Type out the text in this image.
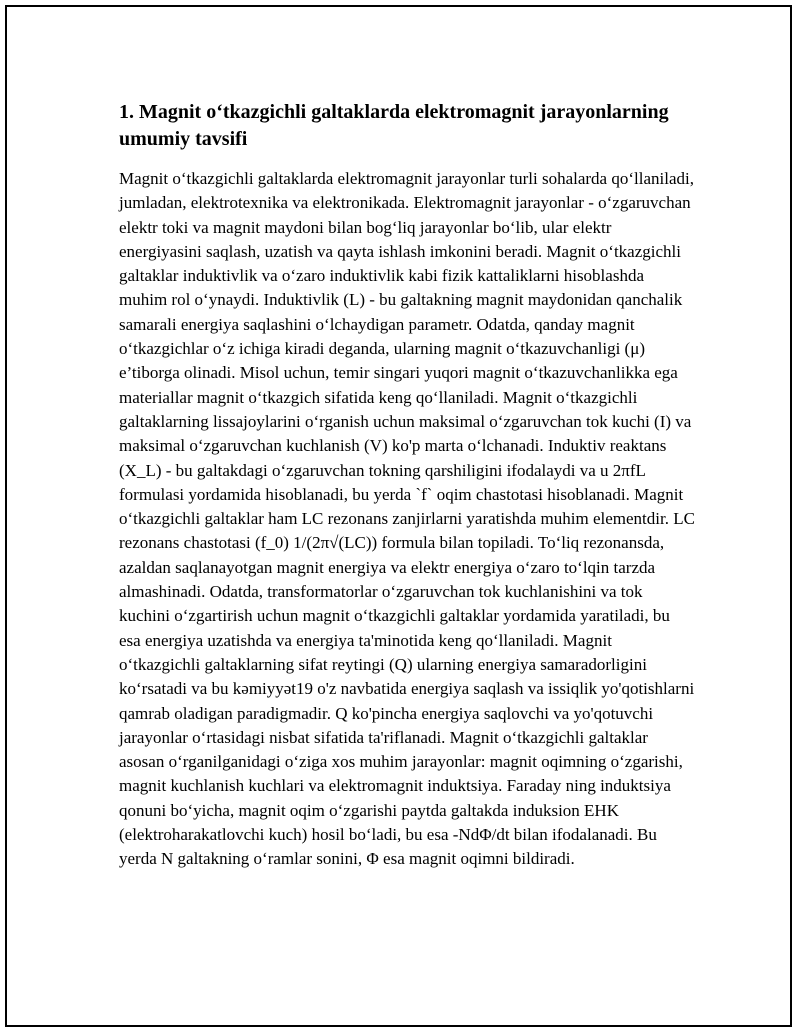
1. Magnit oʻtkazgichli galtaklarda elektromagnit jarayonlarning umumiy tavsifi

Magnit oʻtkazgichli galtaklarda elektromagnit jarayonlar turli sohalarda qoʻllaniladi, jumladan, elektrotexnika va elektronikada. Elektromagnit jarayonlar - oʻzgaruvchan elektr toki va magnit maydoni bilan bogʻliq jarayonlar boʻlib, ular elektr energiyasini saqlash, uzatish va qayta ishlash imkonini beradi. Magnit oʻtkazgichli galtaklar induktivlik va oʻzaro induktivlik kabi fizik kattaliklarni hisoblashda muhim rol oʻynaydi. Induktivlik (L) - bu galtakning magnit maydonidan qanchalik samarali energiya saqlashini oʻlchaydigan parametr. Odatda, qanday magnit oʻtkazgichlar oʻz ichiga kiradi deganda, ularning magnit oʻtkazuvchanligi (μ) e’tiborga olinadi. Misol uchun, temir singari yuqori magnit oʻtkazuvchanlikka ega materiallar magnit oʻtkazgich sifatida keng qoʻllaniladi. Magnit oʻtkazgichli galtaklarning lissajoylarini oʻrganish uchun maksimal oʻzgaruvchan tok kuchi (I) va maksimal oʻzgaruvchan kuchlanish (V) ko'p marta oʻlchanadi. Induktiv reaktans (X_L) - bu galtakdagi oʻzgaruvchan tokning qarshiligini ifodalaydi va u 2πfL formulasi yordamida hisoblanadi, bu yerda `f` oqim chastotasi hisoblanadi. Magnit oʻtkazgichli galtaklar ham LC rezonans zanjirlarni yaratishda muhim elementdir. LC rezonans chastotasi (f_0) 1/(2π√(LC)) formula bilan topiladi. Toʻliq rezonansda, azaldan saqlanayotgan magnit energiya va elektr energiya oʻzaro toʻlqin tarzda almashinadi. Odatda, transformatorlar oʻzgaruvchan tok kuchlanishini va tok kuchini oʻzgartirish uchun magnit oʻtkazgichli galtaklar yordamida yaratiladi, bu esa energiya uzatishda va energiya ta'minotida keng qoʻllaniladi. Magnit oʻtkazgichli galtaklarning sifat reytingi (Q) ularning energiya samaradorligini koʻrsatadi va bu kəmiyyət19 o'z navbatida energiya saqlash va issiqlik yo'qotishlarni qamrab oladigan paradigmadir. Q ko'pincha energiya saqlovchi va yo'qotuvchi jarayonlar oʻrtasidagi nisbat sifatida ta'riflanadi. Magnit oʻtkazgichli galtaklar asosan oʻrganilganidagi oʻziga xos muhim jarayonlar: magnit oqimning oʻzgarishi, magnit kuchlanish kuchlari va elektromagnit induktsiya. Faraday ning induktsiya qonuni boʻyicha, magnit oqim oʻzgarishi paytda galtakda induksion EHK (elektroharakatlovchi kuch) hosil boʻladi, bu esa -NdΦ/dt bilan ifodalanadi. Bu yerda N galtakning oʻramlar sonini, Φ esa magnit oqimni bildiradi.
